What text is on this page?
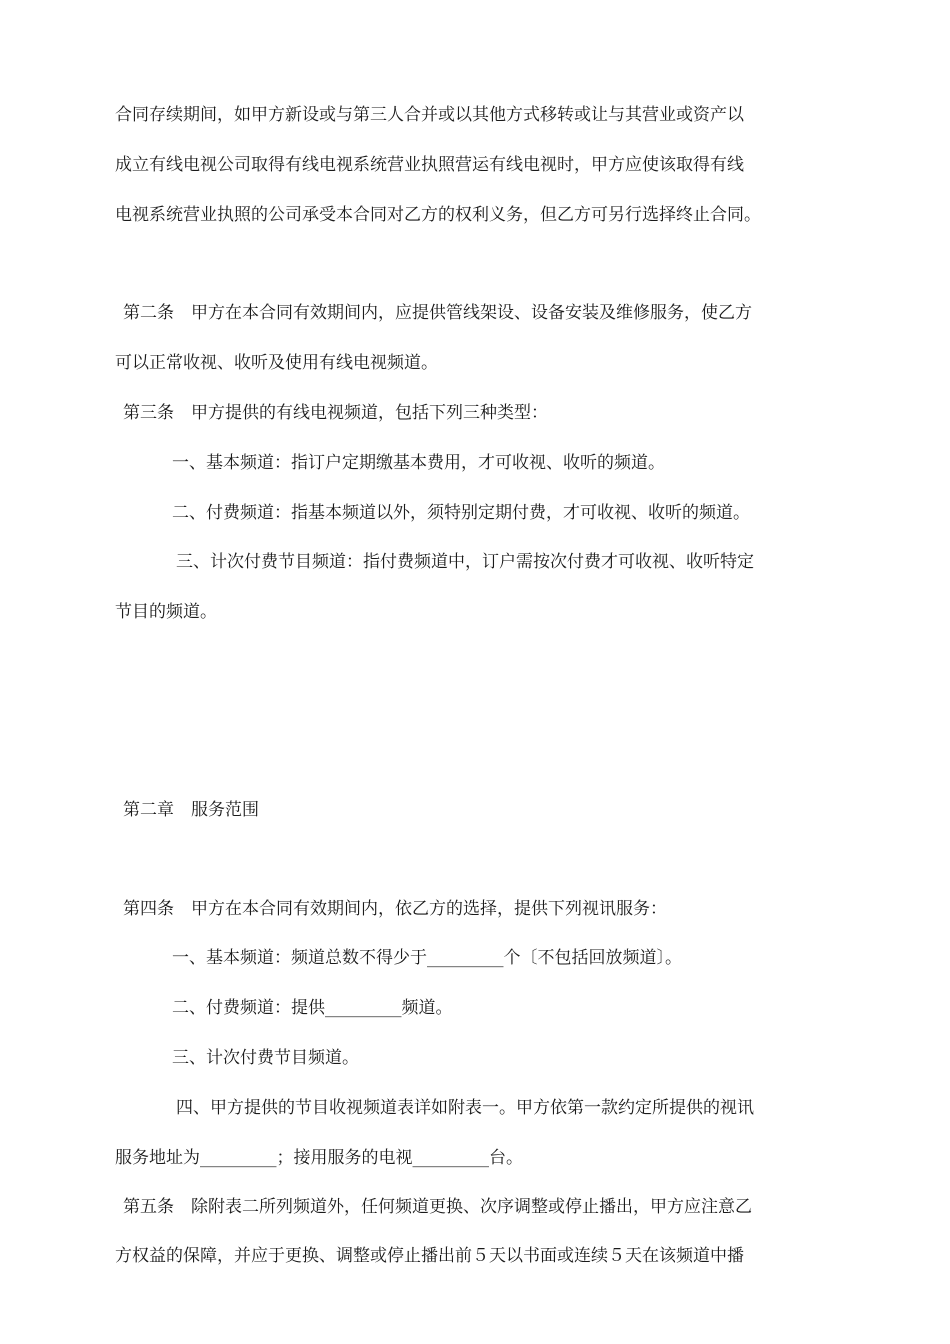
合同存续期间，如甲方新设或与第三人合并或以其他方式移转或让与其营业或资产以
成立有线电视公司取得有线电视系统营业执照营运有线电视时，甲方应使该取得有线
电视系统营业执照的公司承受本合同对乙方的权利义务，但乙方可另行选择终止合同。
第二条　甲方在本合同有效期间内，应提供管线架设、设备安装及维修服务，使乙方
可以正常收视、收听及使用有线电视频道。
第三条　甲方提供的有线电视频道，包括下列三种类型：
一、基本频道：指订户定期缴基本费用，才可收视、收听的频道。
二、付费频道：指基本频道以外，须特别定期付费，才可收视、收听的频道。
三、计次付费节目频道：指付费频道中，订户需按次付费才可收视、收听特定
节目的频道。
第二章　服务范围
第四条　甲方在本合同有效期间内，依乙方的选择，提供下列视讯服务：
一、基本频道：频道总数不得少于_________个〔不包括回放频道〕。
二、付费频道：提供_________频道。
三、计次付费节目频道。
四、甲方提供的节目收视频道表详如附表一。甲方依第一款约定所提供的视讯
服务地址为_________；接用服务的电视_________台。
第五条　除附表二所列频道外，任何频道更换、次序调整或停止播出，甲方应注意乙
方权益的保障，并应于更换、调整或停止播出前５天以书面或连续５天在该频道中播
